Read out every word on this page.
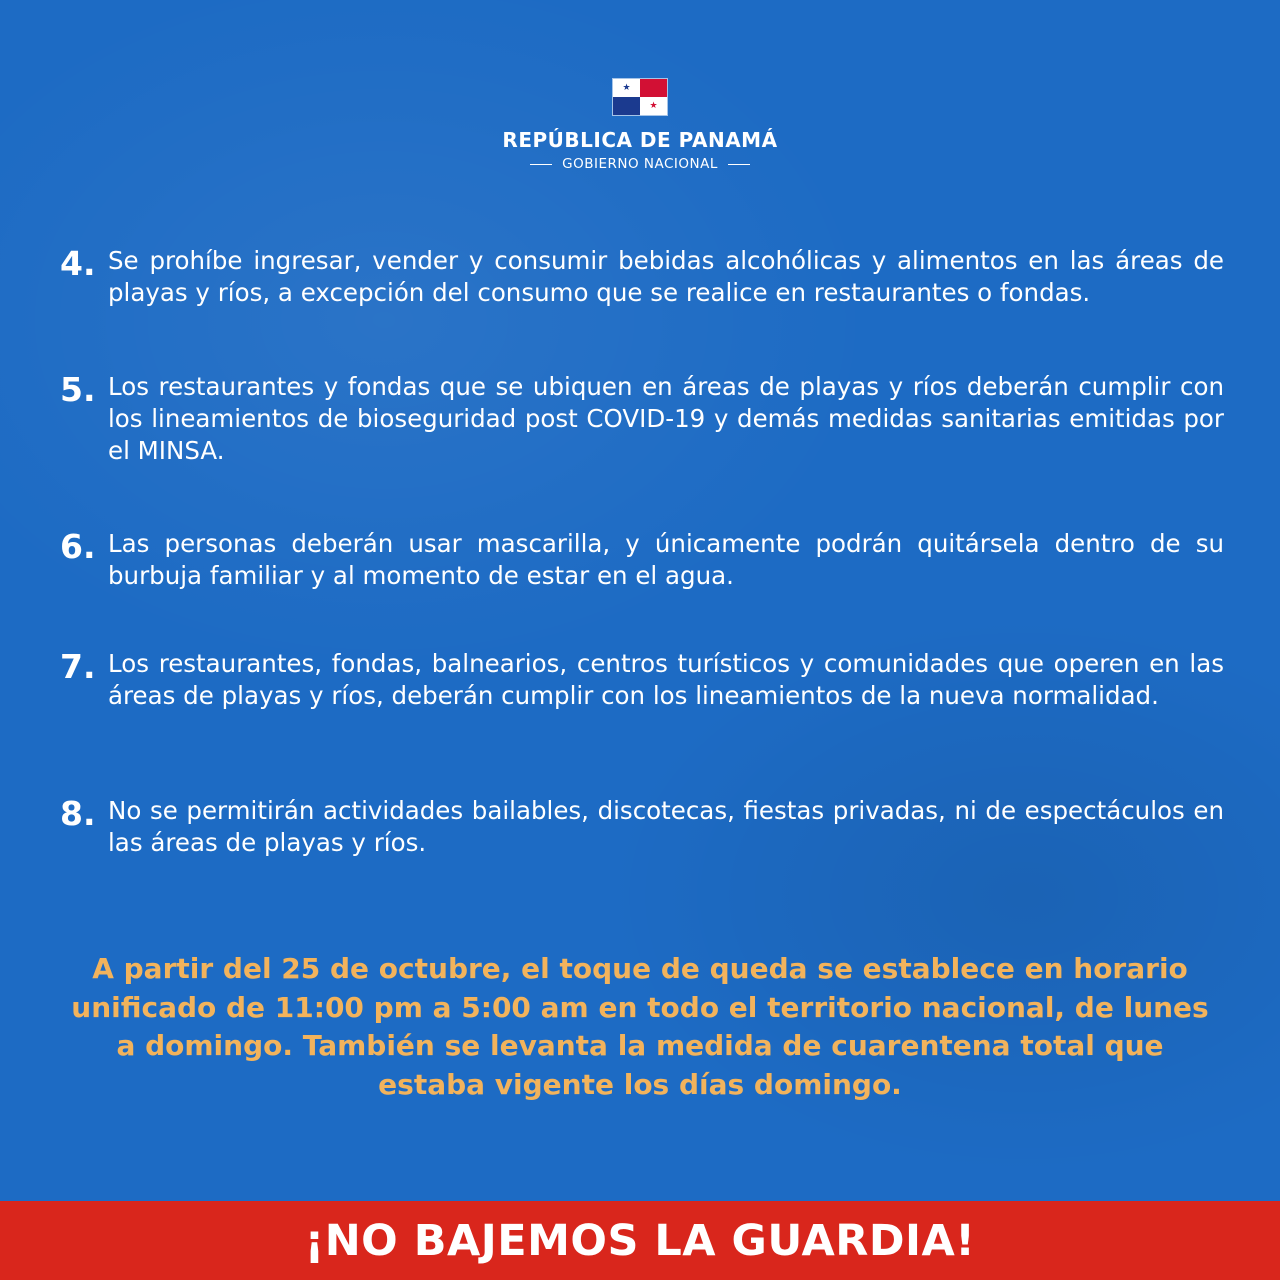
★
★
REPÚBLICA DE PANAMÁ
GOBIERNO NACIONAL
4. Se prohíbe ingresar, vender y consumir bebidas alcohólicas y alimentos en las áreas de playas y ríos, a excepción del consumo que se realice en restaurantes o fondas.
5. Los restaurantes y fondas que se ubiquen en áreas de playas y ríos deberán cumplir con los lineamientos de bioseguridad post COVID-19 y demás medidas sanitarias emitidas por el MINSA.
6. Las personas deberán usar mascarilla, y únicamente podrán quitársela dentro de su burbuja familiar y al momento de estar en el agua.
7. Los restaurantes, fondas, balnearios, centros turísticos y comunidades que operen en las áreas de playas y ríos, deberán cumplir con los lineamientos de la nueva normalidad.
8. No se permitirán actividades bailables, discotecas, fiestas privadas, ni de espectáculos en las áreas de playas y ríos.
A partir del 25 de octubre, el toque de queda se establece en horario unificado de 11:00 pm a 5:00 am en todo el territorio nacional, de lunes a domingo. También se levanta la medida de cuarentena total que estaba vigente los días domingo.
¡NO BAJEMOS LA GUARDIA!
